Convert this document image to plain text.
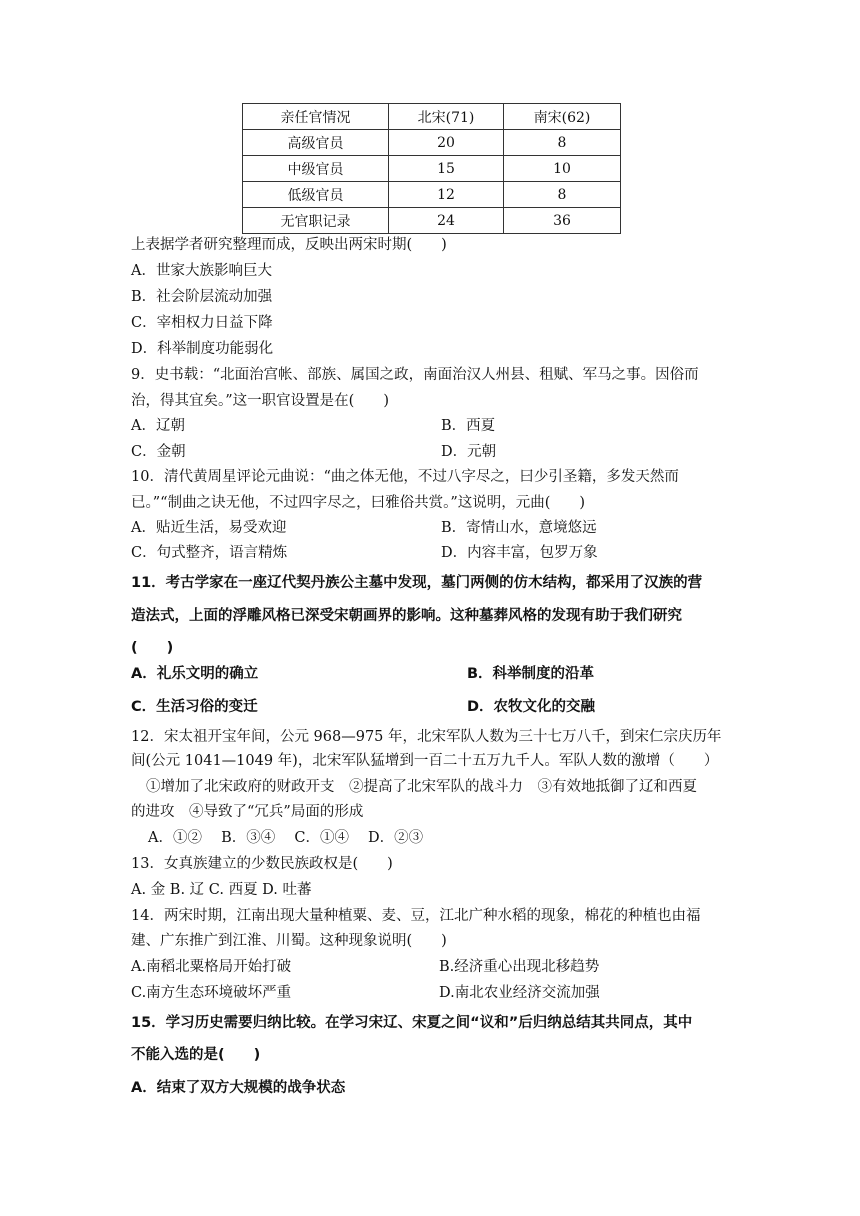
亲任官情况	北宋(71)	南宋(62)
高级官员	20	8
中级官员	15	10
低级官员	12	8
无官职记录	24	36
上表据学者研究整理而成，反映出两宋时期(　　)
A．世家大族影响巨大
B．社会阶层流动加强
C．宰相权力日益下降
D．科举制度功能弱化
9．史书载：“北面治宫帐、部族、属国之政，南面治汉人州县、租赋、军马之事。因俗而
治，得其宜矣。”这一职官设置是在(　　)
A．辽朝	B．西夏
C．金朝	D．元朝
10．清代黄周星评论元曲说：“曲之体无他，不过八字尽之，曰少引圣籍，多发天然而
已。”“制曲之诀无他，不过四字尽之，曰雅俗共赏。”这说明，元曲(　　)
A．贴近生活，易受欢迎	B．寄情山水，意境悠远
C．句式整齐，语言精炼	D．内容丰富，包罗万象
11．考古学家在一座辽代契丹族公主墓中发现，墓门两侧的仿木结构，都采用了汉族的营
造法式，上面的浮雕风格已深受宋朝画界的影响。这种墓葬风格的发现有助于我们研究
(　　)
A．礼乐文明的确立	B．科举制度的沿革
C．生活习俗的变迁	D．农牧文化的交融
12．宋太祖开宝年间，公元 968—975 年，北宋军队人数为三十七万八千，到宋仁宗庆历年
间(公元 1041—1049 年)，北宋军队猛增到一百二十五万九千人。军队人数的激增（　　）
①增加了北宋政府的财政开支　②提高了北宋军队的战斗力　③有效地抵御了辽和西夏
的进攻　④导致了“冗兵”局面的形成
A．①②　 B．③④　 C．①④　 D．②③
13．女真族建立的少数民族政权是(　　)
A. 金 B. 辽 C. 西夏 D. 吐蕃
14．两宋时期，江南出现大量种植粟、麦、豆，江北广种水稻的现象，棉花的种植也由福
建、广东推广到江淮、川蜀。这种现象说明(　　)
A.南稻北粟格局开始打破	B.经济重心出现北移趋势
C.南方生态环境破坏严重	D.南北农业经济交流加强
15．学习历史需要归纳比较。在学习宋辽、宋夏之间“议和”后归纳总结其共同点，其中
不能入选的是(　　)
A．结束了双方大规模的战争状态
